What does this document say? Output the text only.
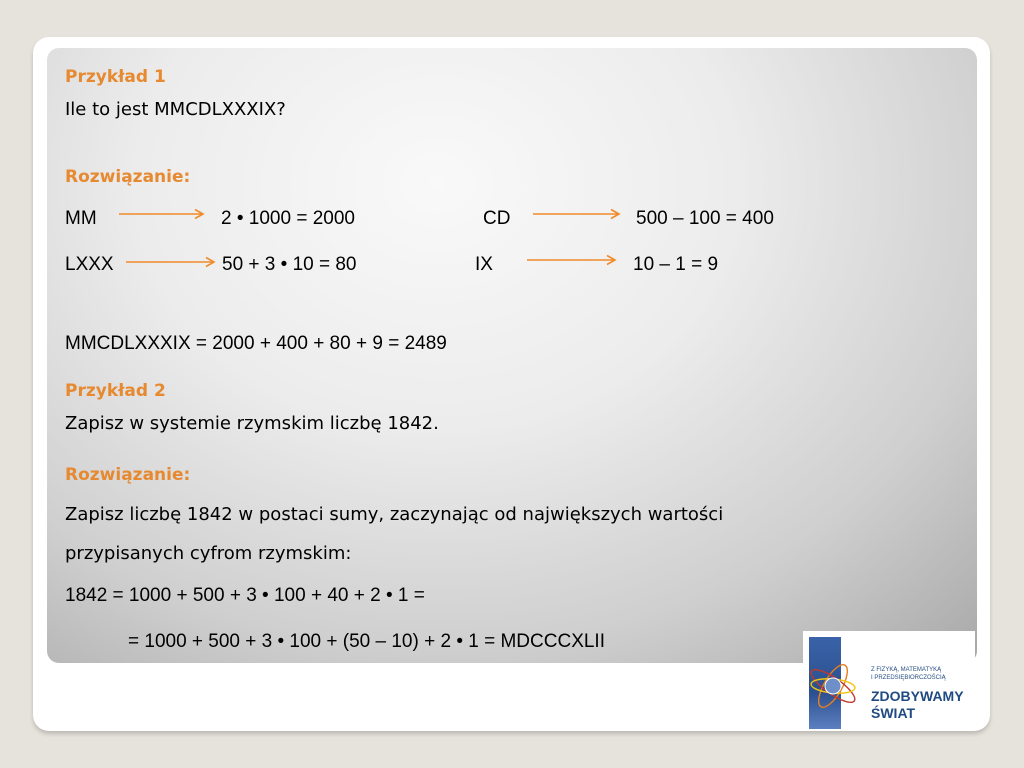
Przykład 1
Ile to jest MMCDLXXXIX?
Rozwiązanie:
MM	2 • 1000 = 2000	CD	500 – 100 = 400
LXXX	50 + 3 • 10 = 80	IX	10 – 1 = 9
MMCDLXXXIX = 2000 + 400 + 80 + 9 = 2489
Przykład 2
Zapisz w systemie rzymskim liczbę 1842.
Rozwiązanie:
Zapisz liczbę 1842 w postaci sumy, zaczynając od największych wartości
przypisanych cyfrom rzymskim:
1842 = 1000 + 500 + 3 • 100 + 40 + 2 • 1 =
= 1000 + 500 + 3 • 100 + (50 – 10) + 2 • 1 = MDCCCXLII
Z FIZYKĄ, MATEMATYKĄ
I PRZEDSIĘBIORCZOŚCIĄ
ZDOBYWAMY
ŚWIAT
